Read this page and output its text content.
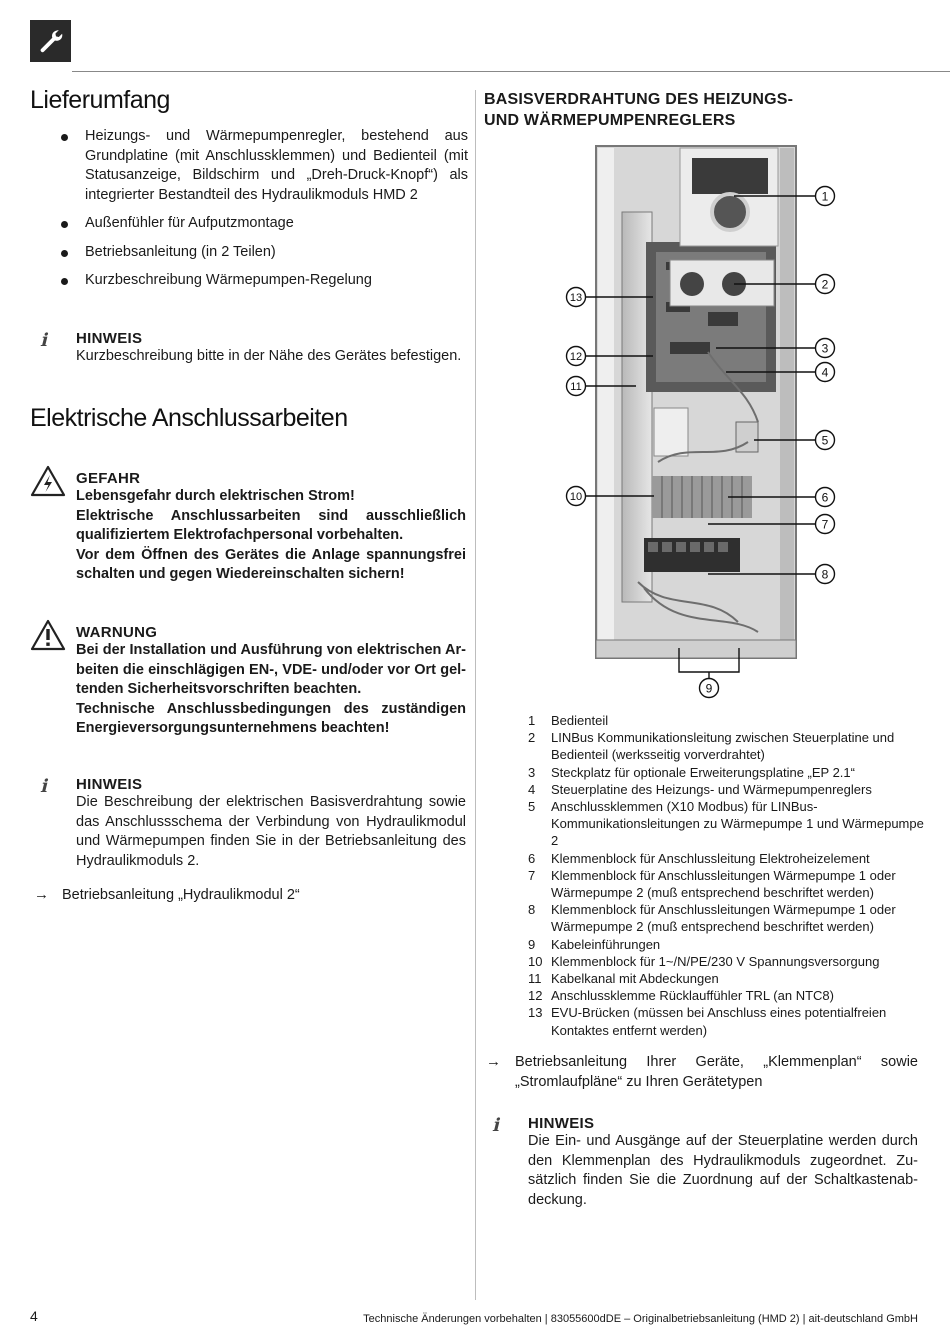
Lieferumfang
Heizungs- und Wärmepumpenregler, bestehend aus Grundplatine (mit Anschlussklemmen) und Bedienteil (mit Statusanzeige, Bildschirm und „Dreh-Druck-Knopf“) als integrierter Bestandteil des Hydraulikmoduls HMD 2
Außenfühler für Aufputzmontage
Betriebsanleitung (in 2 Teilen)
Kurzbeschreibung Wärmepumpen-Regelung
ℹ HINWEIS
Kurzbeschreibung bitte in der Nähe des Gerätes befestigen.
Elektrische Anschlussarbeiten
GEFAHR
Lebensgefahr durch elektrischen Strom!
Elektrische Anschlussarbeiten sind ausschließlich qualifiziertem Elektrofachpersonal vorbehalten.
Vor dem Öffnen des Gerätes die Anlage spannungsfrei schalten und gegen Wiedereinschalten sichern!
WARNUNG
Bei der Installation und Ausführung von elektrischen Arbeiten die einschlägigen EN-, VDE- und/oder vor Ort geltenden Sicherheitsvorschriften beachten.
Technische Anschlussbedingungen des zuständigen Energieversorgungsunternehmens beachten!
ℹ HINWEIS
Die Beschreibung der elektrischen Basisverdrahtung sowie das Anschlussschema der Verbindung von Hydraulikmodul und Wärmepumpen finden Sie in der Betriebsanleitung des Hydraulikmoduls 2.
→ Betriebsanleitung „Hydraulikmodul 2“
BASISVERDRAHTUNG DES HEIZUNGS-
UND WÄRMEPUMPENREGLERS
1
2
3
4
5
6
7
8
9
10
11
12
13
1	Bedienteil
2	LINBus Kommunikationsleitung zwischen Steuerplatine und Bedienteil (werksseitig vorverdrahtet)
3	Steckplatz für optionale Erweiterungsplatine „EP 2.1“
4	Steuerplatine des Heizungs- und Wärmepumpenreglers
5	Anschlussklemmen (X10 Modbus) für LINBus-Kommunikationsleitungen zu Wärmepumpe 1 und Wärmepumpe 2
6	Klemmenblock für Anschlussleitung Elektroheizelement
7	Klemmenblock für Anschlussleitungen Wärmepumpe 1 oder Wärmepumpe 2 (muß entsprechend beschriftet werden)
8	Klemmenblock für Anschlussleitungen Wärmepumpe 1 oder Wärmepumpe 2 (muß entsprechend beschriftet werden)
9	Kabeleinführungen
10 Klemmenblock für 1~/N/PE/230 V Spannungsversorgung
11 Kabelkanal mit Abdeckungen
12 Anschlussklemme Rücklauffühler TRL (an NTC8)
13 EVU-Brücken (müssen bei Anschluss eines potentialfreien Kontaktes entfernt werden)
→ Betriebsanleitung Ihrer Geräte, „Klemmenplan“ sowie „Stromlaufpläne“ zu Ihren Gerätetypen
ℹ HINWEIS
Die Ein- und Ausgänge auf der Steuerplatine werden durch den Klemmenplan des Hydraulikmoduls zugeordnet. Zusätzlich finden Sie die Zuordnung auf der Schaltkastenabdeckung.
4	Technische Änderungen vorbehalten | 83055600dDE – Originalbetriebsanleitung (HMD 2) | ait-deutschland GmbH
